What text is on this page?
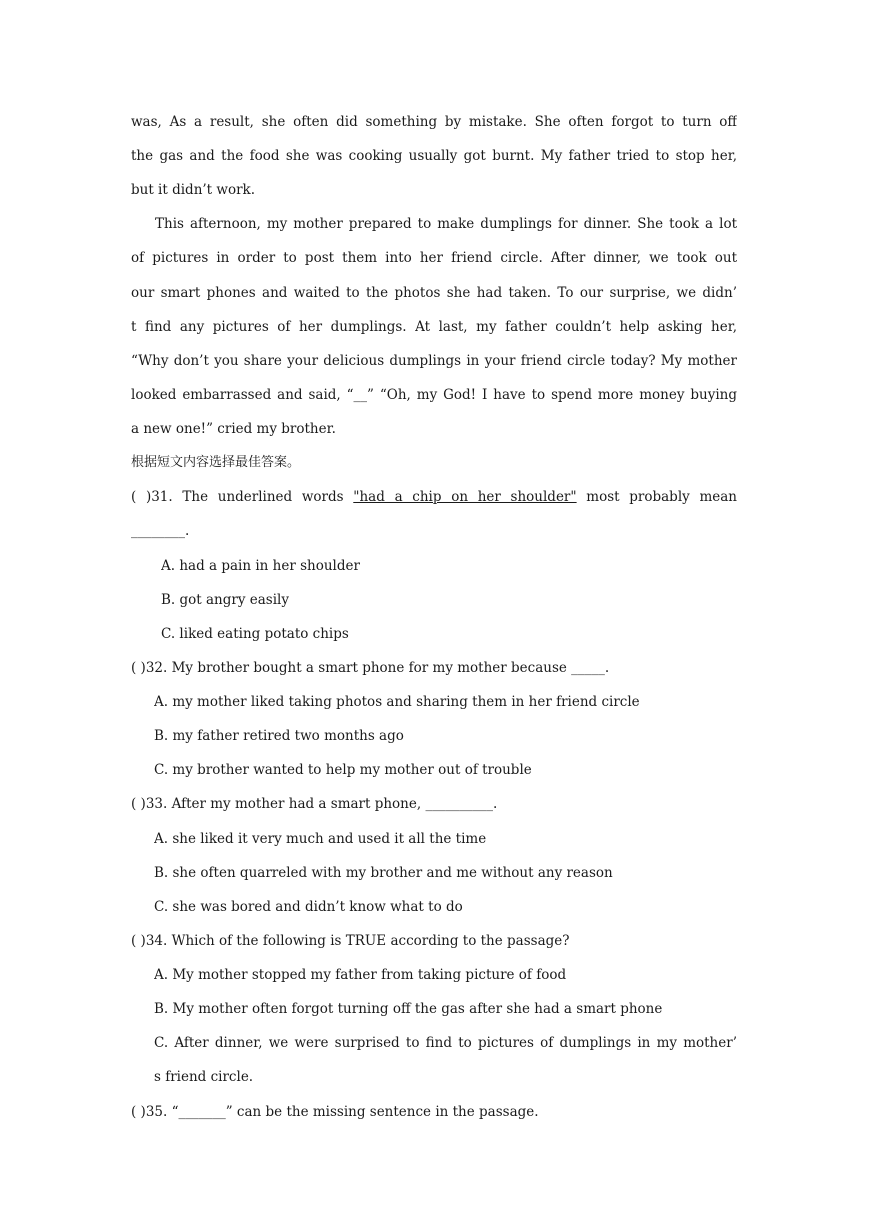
was, As a result, she often did something by mistake. She often forgot to turn off
the gas and the food she was cooking usually got burnt. My father tried to stop her,
but it didn’t work.
This afternoon, my mother prepared to make dumplings for dinner. She took a lot
of pictures in order to post them into her friend circle. After dinner, we took out
our smart phones and waited to the photos she had taken. To our surprise, we didn’
t find any pictures of her dumplings. At last, my father couldn’t help asking her,
“Why don’t you share your delicious dumplings in your friend circle today? My mother
looked embarrassed and said, “__” “Oh, my God! I have to spend more money buying
a new one!” cried my brother.
根据短文内容选择最佳答案。
( )31. The underlined words "had a chip on her shoulder" most probably mean
________.
A. had a pain in her shoulder
B. got angry easily
C. liked eating potato chips
( )32. My brother bought a smart phone for my mother because _____.
A. my mother liked taking photos and sharing them in her friend circle
B. my father retired two months ago
C. my brother wanted to help my mother out of trouble
( )33. After my mother had a smart phone, __________.
A. she liked it very much and used it all the time
B. she often quarreled with my brother and me without any reason
C. she was bored and didn’t know what to do
( )34. Which of the following is TRUE according to the passage?
A. My mother stopped my father from taking picture of food
B. My mother often forgot turning off the gas after she had a smart phone
C. After dinner, we were surprised to find to pictures of dumplings in my mother’
s friend circle.
( )35. “_______” can be the missing sentence in the passage.
